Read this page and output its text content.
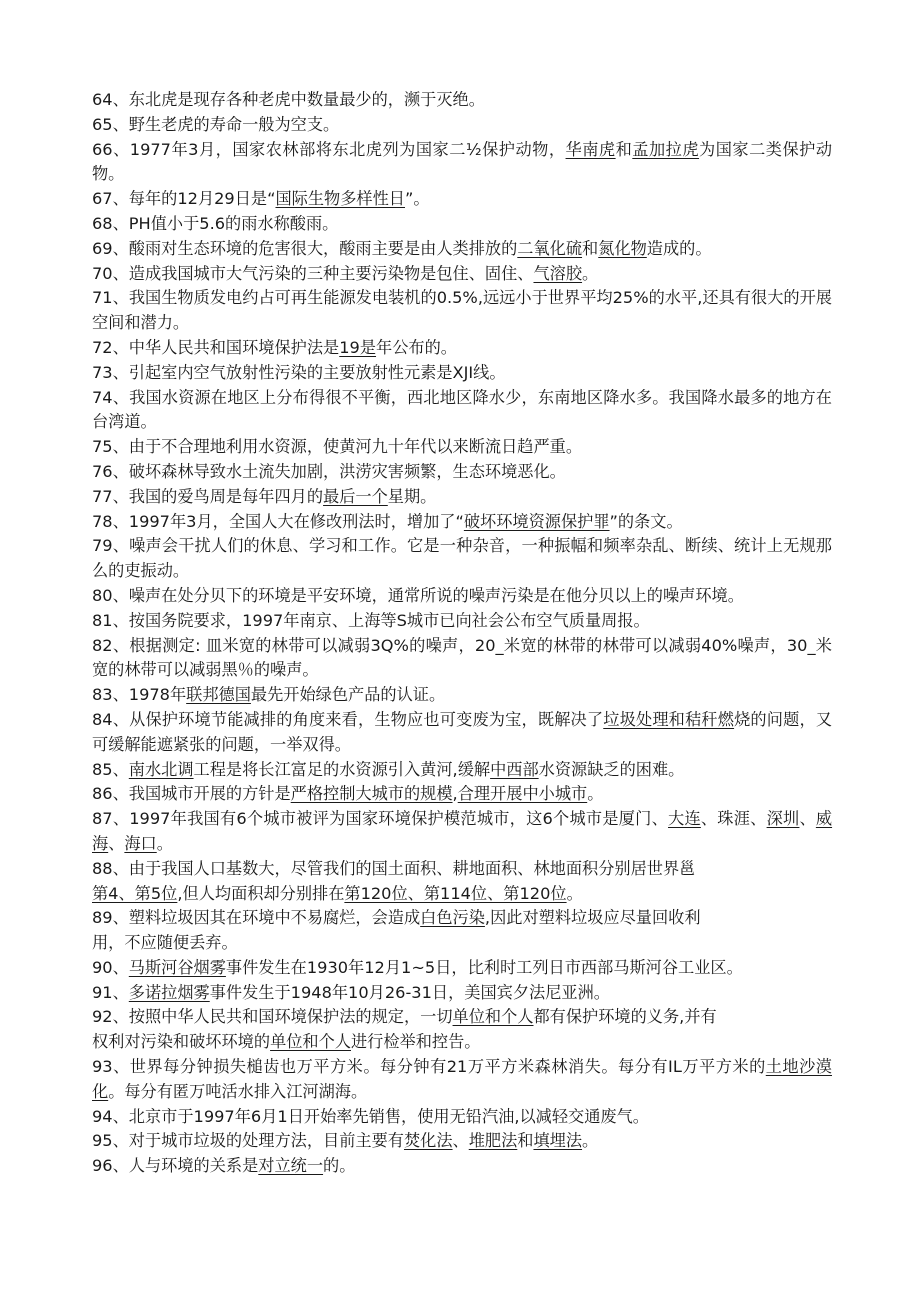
64、东北虎是现存各种老虎中数量最少的，濒于灭绝。

65、野生老虎的寿命一般为空支。

66、1977年3月，国家农林部将东北虎列为国家二½保护动物，华南虎和孟加拉虎为国家二类保护动物。

67、每年的12月29日是“国际生物多样性日”。

68、PH值小于5.6的雨水称酸雨。

69、酸雨对生态环境的危害很大，酸雨主要是由人类排放的二氧化硫和氮化物造成的。

70、造成我国城市大气污染的三种主要污染物是包住、固住、气溶胶。

71、我国生物质发电约占可再生能源发电装机的0.5%,远远小于世界平均25%的水平,还具有很大的开展空间和潜力。

72、中华人民共和国环境保护法是19是年公布的。

73、引起室内空气放射性污染的主要放射性元素是XJI线。

74、我国水资源在地区上分布得很不平衡，西北地区降水少，东南地区降水多。我国降水最多的地方在台湾道。

75、由于不合理地利用水资源，使黄河九十年代以来断流日趋严重。

76、破坏森林导致水土流失加剧，洪涝灾害频繁，生态环境恶化。

77、我国的爱鸟周是每年四月的最后一个星期。

78、1997年3月，全国人大在修改刑法时，增加了“破坏环境资源保护罪”的条文。

79、噪声会干扰人们的休息、学习和工作。它是一种杂音，一种振幅和频率杂乱、断续、统计上无规那么的吏振动。

80、噪声在处分贝下的环境是平安环境，通常所说的噪声污染是在他分贝以上的噪声环境。

81、按国务院要求，1997年南京、上海等S城市已向社会公布空气质量周报。

82、根据测定: 皿米宽的林带可以减弱3Q%的噪声，20_米宽的林带的林带可以减弱40%噪声，30_米宽的林带可以减弱黑％的噪声。

83、1978年联邦德国最先开始绿色产品的认证。

84、从保护环境节能减排的角度来看，生物应也可变废为宝，既解决了垃圾处理和秸秆燃烧的问题，又可缓解能遮紧张的问题，一举双得。

85、南水北调工程是将长江富足的水资源引入黄河,缓解中西部水资源缺乏的困难。

86、我国城市开展的方针是严格控制大城市的规模,合理开展中小城市。

87、1997年我国有6个城市被评为国家环境保护模范城市，这6个城市是厦门、大连、珠涯、深圳、威海、海口。

88、由于我国人口基数大，尽管我们的国土面积、耕地面积、林地面积分别居世界邕
第4、第5位,但人均面积却分别排在第120位、第114位、第120位。

89、塑料垃圾因其在环境中不易腐烂，会造成白色污染,因此对塑料垃圾应尽量回收利
用，不应随便丢弃。

90、马斯河谷烟雾事件发生在1930年12月1~5日，比利时工列日市西部马斯河谷工业区。

91、多诺拉烟雾事件发生于1948年10月26-31日，美国宾夕法尼亚洲。

92、按照中华人民共和国环境保护法的规定，一切单位和个人都有保护环境的义务,并有
权利对污染和破坏环境的单位和个人进行检举和控告。

93、世界每分钟损失槌齿也万平方米。每分钟有21万平方米森林消失。每分有IL万平方米的土地沙漠化。每分有匿万吨活水排入江河湖海。

94、北京市于1997年6月1日开始率先销售，使用无铅汽油,以减轻交通废气。

95、对于城市垃圾的处理方法，目前主要有焚化法、堆肥法和填埋法。

96、人与环境的关系是对立统一的。
